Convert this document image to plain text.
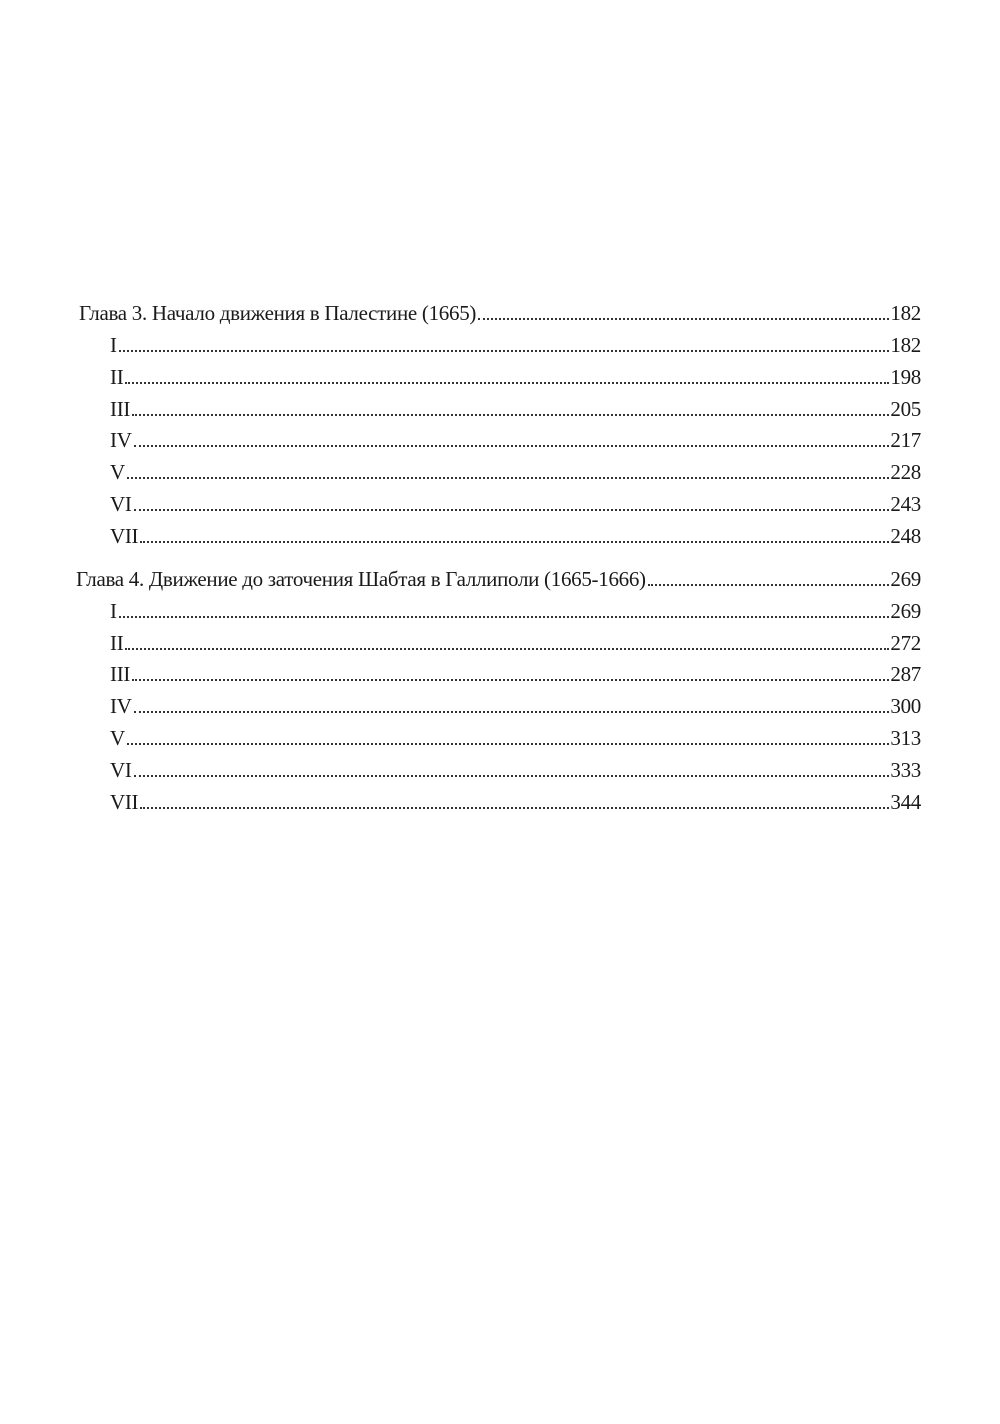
Глава 3. Начало движения в Палестине (1665)	182
I	182
II	198
III	205
IV	217
V	228
VI	243
VII	248
Глава 4. Движение до заточения Шабтая в Галлиполи (1665-1666)	269
I	269
II	272
III	287
IV	300
V	313
VI	333
VII	344
